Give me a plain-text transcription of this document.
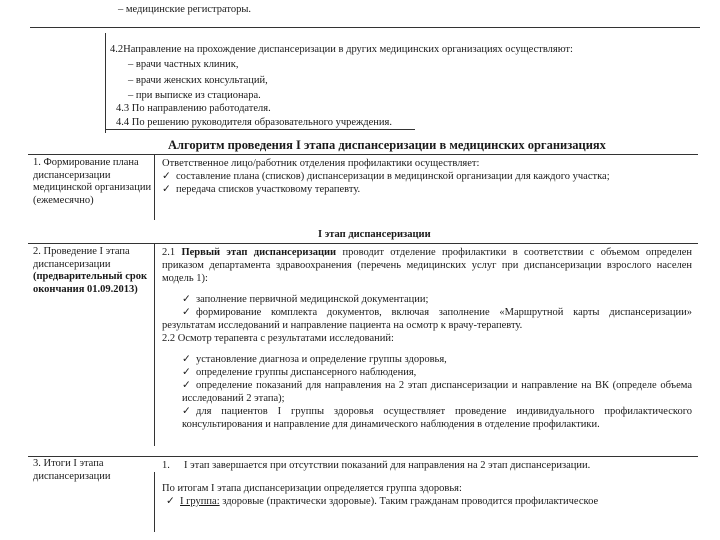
– медицинские регистраторы.
4.2Направление на прохождение диспансеризации в других медицинских организациях осуществляют:
– врачи частных клиник,
– врачи женских консультаций,
– при выписке из стационара.
4.3 По направлению работодателя.
4.4 По решению руководителя образовательного учреждения.
Алгоритм проведения I этапа диспансеризации в медицинских организациях
1. Формирование плана диспансеризации медицинской организации (ежемесячно)
Ответственное лицо/работник отделения профилактики осуществляет:
✓ составление плана (списков) диспансеризации в медицинской организации для каждого участка;
✓ передача списков участковому терапевту.
I этап диспансеризации
2. Проведение I этапа диспансеризации
(предварительный срок окончания 01.09.2013)
2.1 Первый этап диспансеризации проводит отделение профилактики в соответствии с объемом определен приказом департамента здравоохранения (перечень медицинских услуг при диспансеризации взрослого населен модель 1):
✓ заполнение первичной медицинской документации;
✓ формирование комплекта документов, включая заполнение «Маршрутной карты диспансеризации» результатам исследований и направление пациента на осмотр к врачу-терапевту.
2.2 Осмотр терапевта с результатами исследований:
✓ установление диагноза и определение группы здоровья,
✓ определение группы диспансерного наблюдения,
✓ определение показаний для направления на 2 этап диспансеризации и направление на ВК (определе объема исследований 2 этапа);
✓ для пациентов I группы здоровья осуществляет проведение индивидуального профилактического консультирования и направление для динамического наблюдения в отделение профилактики.
3. Итоги I этапа диспансеризации
1. I этап завершается при отсутствии показаний для направления на 2 этап диспансеризации.
По итогам I этапа диспансеризации определяется группа здоровья:
✓ I группа: здоровые (практически здоровые). Таким гражданам проводится профилактическое
